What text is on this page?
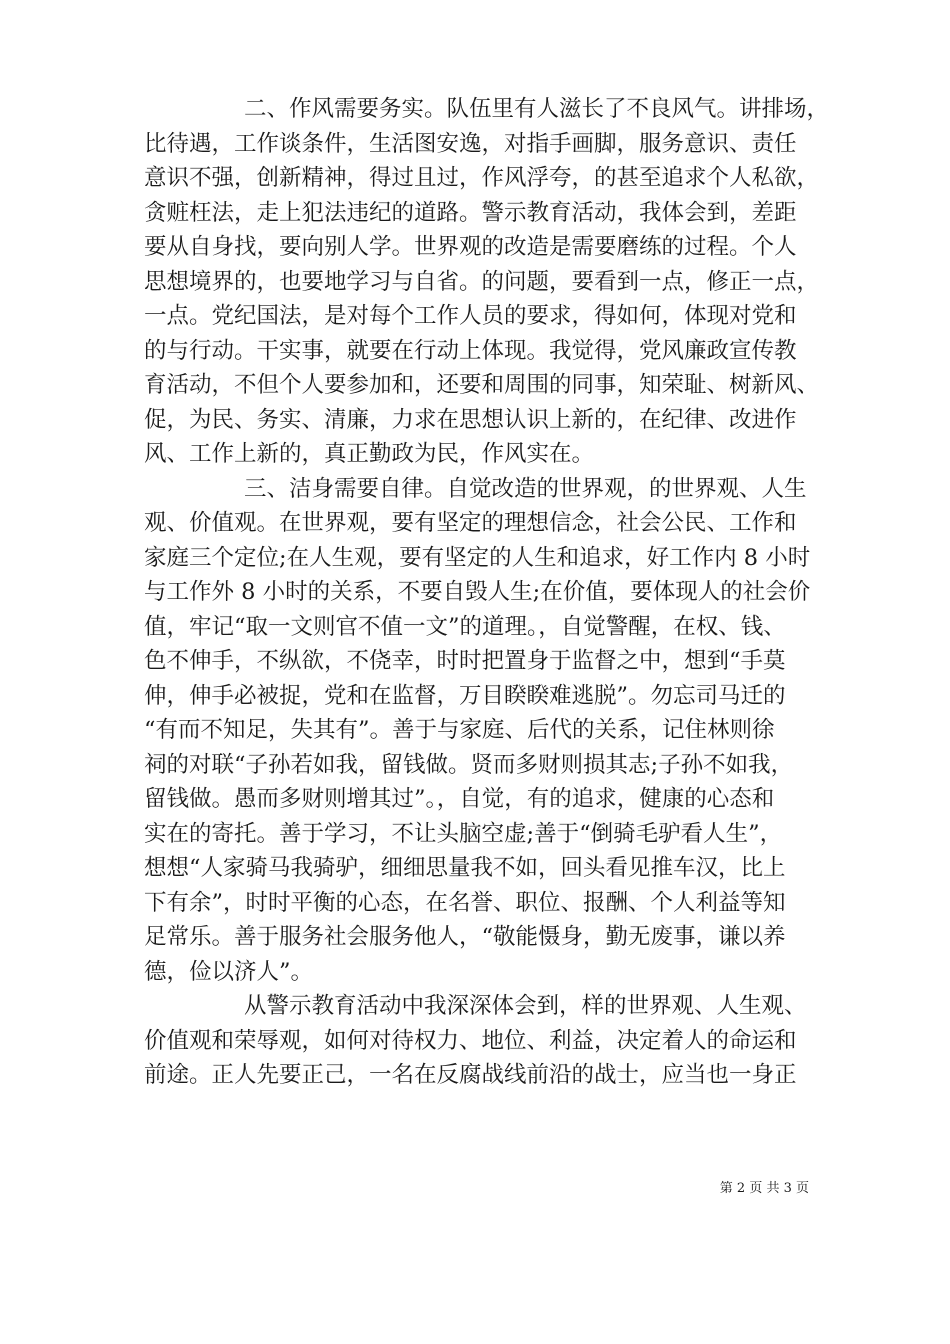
二、作风需要务实。队伍里有人滋长了不良风气。讲排场，
比待遇，工作谈条件，生活图安逸，对指手画脚，服务意识、责任
意识不强，创新精神，得过且过，作风浮夸，的甚至追求个人私欲，
贪赃枉法，走上犯法违纪的道路。警示教育活动，我体会到，差距
要从自身找，要向别人学。世界观的改造是需要磨练的过程。个人
思想境界的，也要地学习与自省。的问题，要看到一点，修正一点，
一点。党纪国法，是对每个工作人员的要求，得如何，体现对党和
的与行动。干实事，就要在行动上体现。我觉得，党风廉政宣传教
育活动，不但个人要参加和，还要和周围的同事，知荣耻、树新风、
促，为民、务实、清廉，力求在思想认识上新的，在纪律、改进作
风、工作上新的，真正勤政为民，作风实在。
三、洁身需要自律。自觉改造的世界观，的世界观、人生
观、价值观。在世界观，要有坚定的理想信念，社会公民、工作和
家庭三个定位;在人生观，要有坚定的人生和追求，好工作内 8 小时
与工作外 8 小时的关系，不要自毁人生;在价值，要体现人的社会价
值，牢记“取一文则官不值一文”的道理。，自觉警醒，在权、钱、
色不伸手，不纵欲，不侥幸，时时把置身于监督之中，想到“手莫
伸，伸手必被捉，党和在监督，万目睽睽难逃脱”。勿忘司马迁的
“有而不知足，失其有”。善于与家庭、后代的关系，记住林则徐
祠的对联“子孙若如我，留钱做。贤而多财则损其志;子孙不如我，
留钱做。愚而多财则增其过”。，自觉，有的追求，健康的心态和
实在的寄托。善于学习，不让头脑空虚;善于“倒骑毛驴看人生”，
想想“人家骑马我骑驴，细细思量我不如，回头看见推车汉，比上
下有余”，时时平衡的心态，在名誉、职位、报酬、个人利益等知
足常乐。善于服务社会服务他人，“敬能慑身，勤无废事，谦以养
德，俭以济人”。
从警示教育活动中我深深体会到，样的世界观、人生观、
价值观和荣辱观，如何对待权力、地位、利益，决定着人的命运和
前途。正人先要正己，一名在反腐战线前沿的战士，应当也一身正
第 2 页 共 3 页
